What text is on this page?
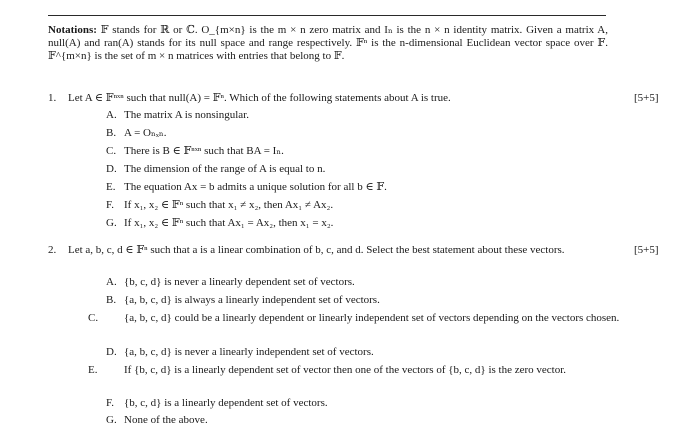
Notations: 𝔽 stands for ℝ or ℂ. O_{m×n} is the m × n zero matrix and Iₙ is the n × n identity matrix. Given a matrix A, null(A) and ran(A) stands for its null space and range respectively. 𝔽ⁿ is the n-dimensional Euclidean vector space over 𝔽. 𝔽^{m×n} is the set of m × n matrices with entries that belong to 𝔽.
1. Let A ∈ 𝔽ⁿˣⁿ such that null(A) = 𝔽ⁿ. Which of the following statements about A is true.	[5+5]
A. The matrix A is nonsingular.
B. A = Oₙₓₙ.
C. There is B ∈ 𝔽ⁿˣⁿ such that BA = Iₙ.
D. The dimension of the range of A is equal to n.
E. The equation Ax = b admits a unique solution for all b ∈ 𝔽.
F. If x₁, x₂ ∈ 𝔽ⁿ such that x₁ ≠ x₂, then Ax₁ ≠ Ax₂.
G. If x₁, x₂ ∈ 𝔽ⁿ such that Ax₁ = Ax₂, then x₁ = x₂.
2. Let a, b, c, d ∈ 𝔽ⁿ such that a is a linear combination of b, c, and d. Select the best statement about these vectors.	[5+5]
A. {b, c, d} is never a linearly dependent set of vectors.
B. {a, b, c, d} is always a linearly independent set of vectors.
C. {a, b, c, d} could be a linearly dependent or linearly independent set of vectors depending on the vectors chosen.
D. {a, b, c, d} is never a linearly independent set of vectors.
E. If {b, c, d} is a linearly dependent set of vector then one of the vectors of {b, c, d} is the zero vector.
F. {b, c, d} is a linearly dependent set of vectors.
G. None of the above.
